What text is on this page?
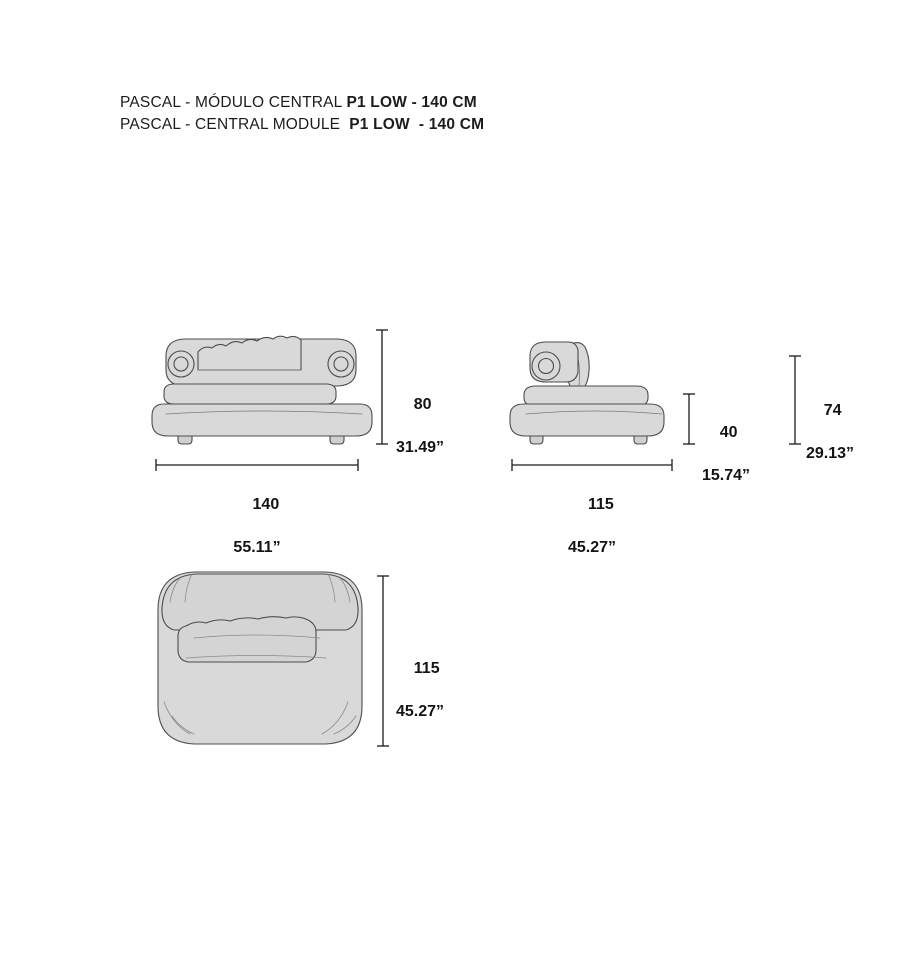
PASCAL - MÓDULO CENTRAL P1 LOW - 140 CM
PASCAL - CENTRAL MODULE  P1 LOW  - 140 CM

80

31.49”

140

55.11”

40

15.74”

74

29.13”

115

45.27”

115

45.27”
